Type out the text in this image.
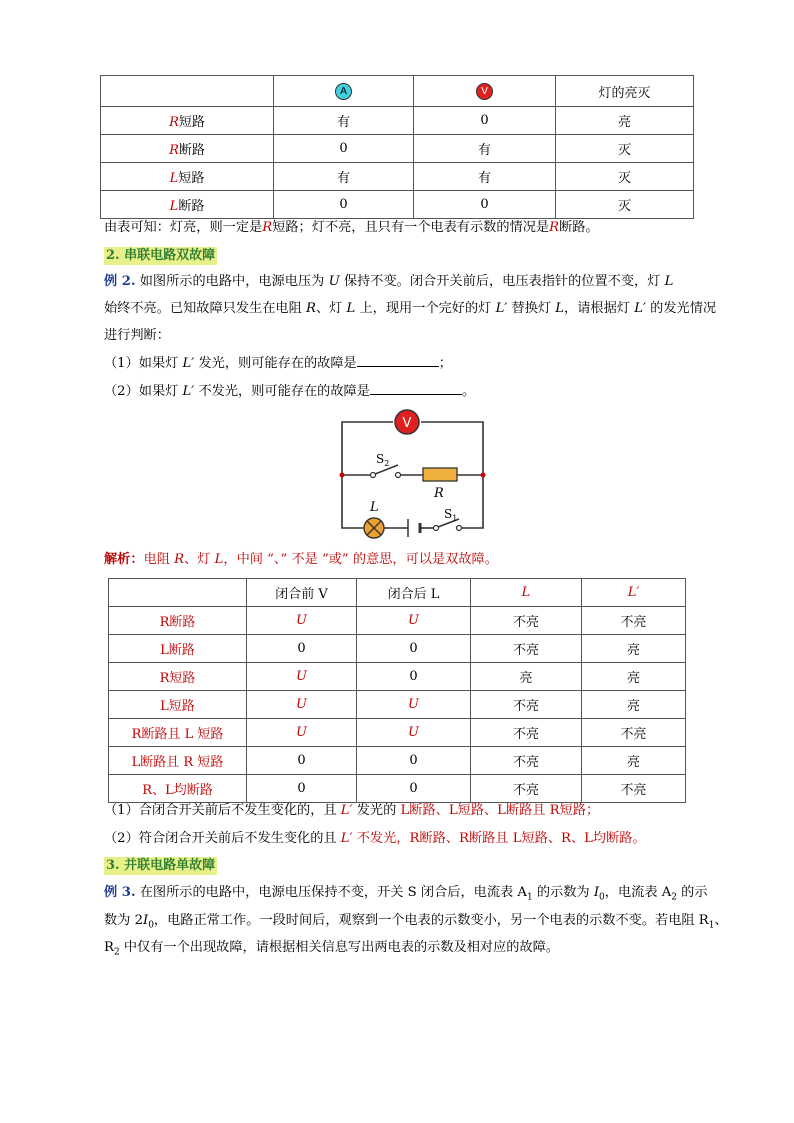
	A	V	灯的亮灭
R短路	有	0	亮
R断路	0	有	灭
L短路	有	有	灭
L断路	0	0	灭
由表可知：灯亮，则一定是R短路；灯不亮，且只有一个电表有示数的情况是R断路。
2. 串联电路双故障
例 2. 如图所示的电路中，电源电压为 U 保持不变。闭合开关前后，电压表指针的位置不变，灯 L
始终不亮。已知故障只发生在电阻 R、灯 L 上，现用一个完好的灯 L′ 替换灯 L，请根据灯 L′ 的发光情况
进行判断：
（1）如果灯 L′ 发光，则可能存在的故障是	；
（2）如果灯 L′ 不发光，则可能存在的故障是	。
V
$S_2$
R
L	$S_1$
解析：电阻 R、灯 L，中间 “、” 不是 “或” 的意思，可以是双故障。
	闭合前 V	闭合后 L	L	L′
R断路	U	U	不亮	不亮
L断路	0	0	不亮	亮
R短路	U	0	亮	亮
L短路	U	U	不亮	亮
R断路且 L 短路	U	U	不亮	不亮
L断路且 R 短路	0	0	不亮	亮
R、L均断路	0	0	不亮	不亮
（1）合闭合开关前后不发生变化的，且 L′ 发光的 L断路、L短路、L断路且 R短路；
（2）符合闭合开关前后不发生变化的且 L′ 不发光，R断路、R断路且 L短路、R、L均断路。
3. 并联电路单故障
例 3. 在图所示的电路中，电源电压保持不变，开关 S 闭合后，电流表 $A_1$ 的示数为 $I_0$，电流表 $A_2$ 的示
数为 $2I_0$，电路正常工作。一段时间后，观察到一个电表的示数变小，另一个电表的示数不变。若电阻 $R_1$、
$R_2$ 中仅有一个出现故障，请根据相关信息写出两电表的示数及相对应的故障。
